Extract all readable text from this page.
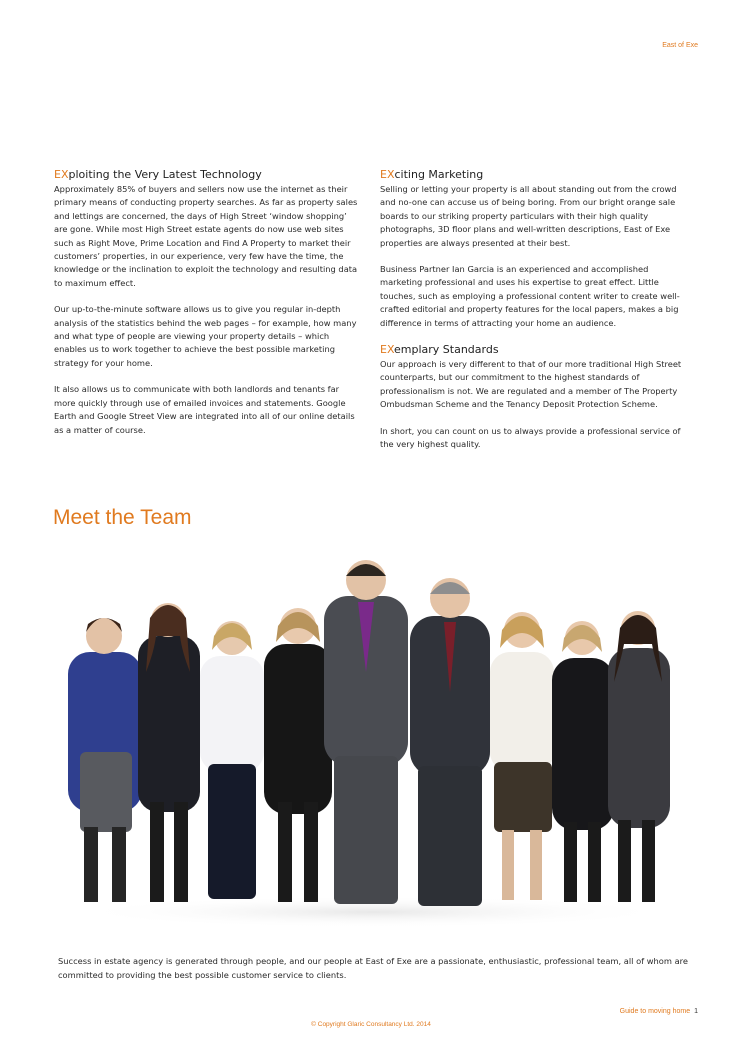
East of Exe
EXploiting the Very Latest Technology

Approximately 85% of buyers and sellers now use the internet as their primary means of conducting property searches. As far as property sales and lettings are concerned, the days of High Street ‘window shopping’ are gone. While most High Street estate agents do now use web sites such as Right Move, Prime Location and Find A Property to market their customers’ properties, in our experience, very few have the time, the knowledge or the inclination to exploit the technology and resulting data to maximum effect.

Our up-to-the-minute software allows us to give you regular in-depth analysis of the statistics behind the web pages – for example, how many and what type of people are viewing your property details – which enables us to work together to achieve the best possible marketing strategy for your home.

It also allows us to communicate with both landlords and tenants far more quickly through use of emailed invoices and statements. Google Earth and Google Street View are integrated into all of our online details as a matter of course.

EXciting Marketing

Selling or letting your property is all about standing out from the crowd and no-one can accuse us of being boring. From our bright orange sale boards to our striking property particulars with their high quality photographs, 3D floor plans and well-written descriptions, East of Exe properties are always presented at their best.

Business Partner Ian Garcia is an experienced and accomplished marketing professional and uses his expertise to great effect. Little touches, such as employing a professional content writer to create well-crafted editorial and property features for the local papers, makes a big difference in terms of attracting your home an audience.

EXemplary Standards

Our approach is very different to that of our more traditional High Street counterparts, but our commitment to the highest standards of professionalism is not. We are regulated and a member of The Property Ombudsman Scheme and the Tenancy Deposit Protection Scheme.

In short, you can count on us to always provide a professional service of the very highest quality.

Meet the Team
Success in estate agency is generated through people, and our people at East of Exe are a passionate, enthusiastic, professional team, all of whom are committed to providing the best possible customer service to clients.
Guide to moving home 1
© Copyright Glaric Consultancy Ltd. 2014
